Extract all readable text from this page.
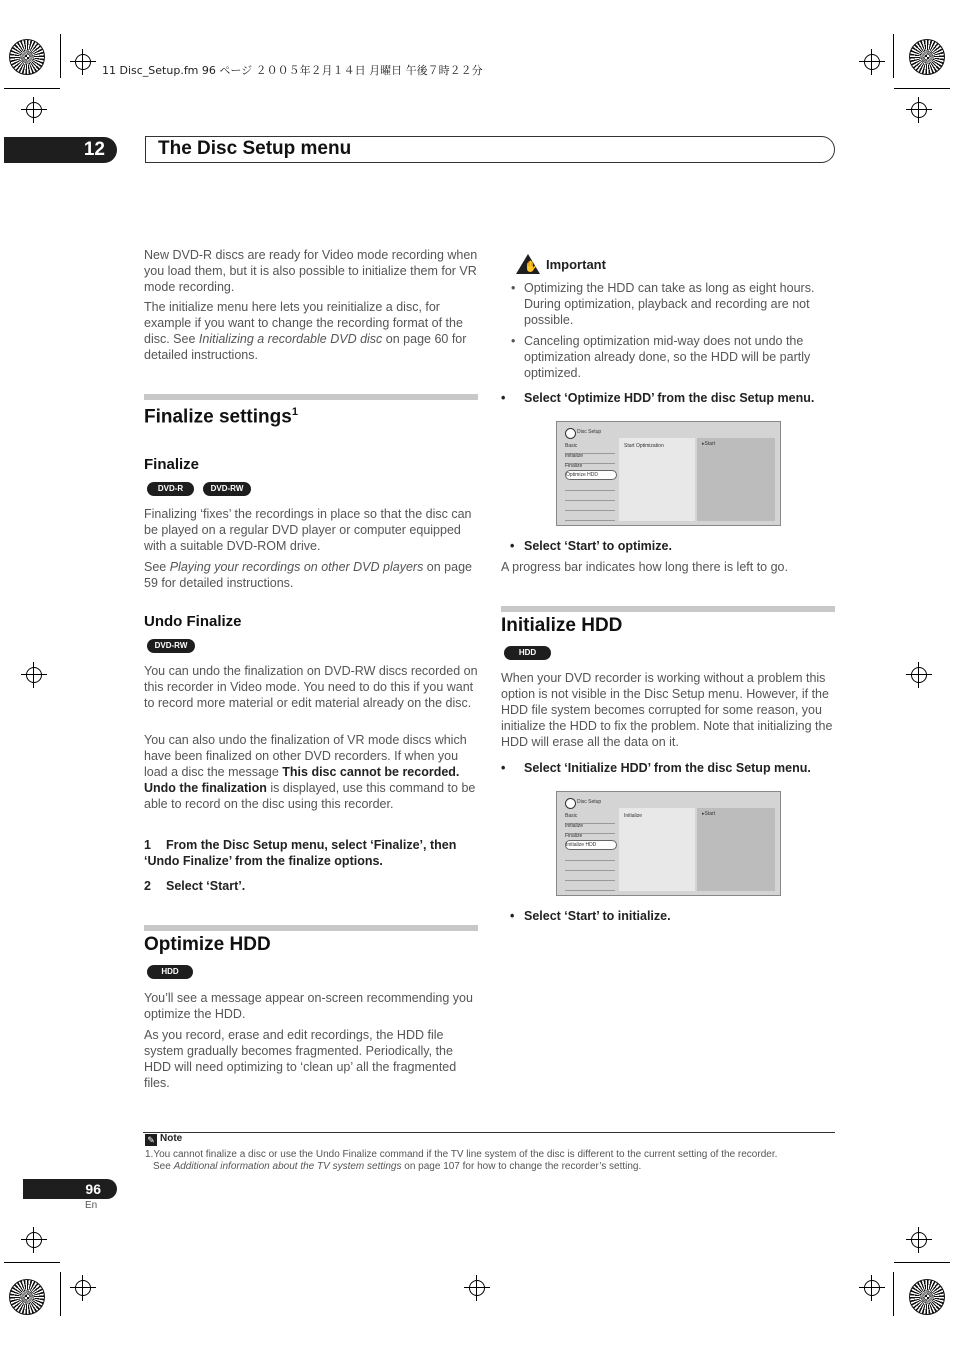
11 Disc_Setup.fm 96 ページ ２００５年２月１４日 月曜日 午後７時２２分
12	The Disc Setup menu

New DVD-R discs are ready for Video mode recording when you load them, but it is also possible to initialize them for VR mode recording.

The initialize menu here lets you reinitialize a disc, for example if you want to change the recording format of the disc. See Initializing a recordable DVD disc on page 60 for detailed instructions.

Finalize settings$^1$
Finalize
DVD-R	DVD-RW

Finalizing ‘fixes’ the recordings in place so that the disc can be played on a regular DVD player or computer equipped with a suitable DVD-ROM drive.

See Playing your recordings on other DVD players on page 59 for detailed instructions.

Undo Finalize
DVD-RW

You can undo the finalization on DVD-RW discs recorded on this recorder in Video mode. You need to do this if you want to record more material or edit material already on the disc.

You can also undo the finalization of VR mode discs which have been finalized on other DVD recorders. If when you load a disc the message This disc cannot be recorded. Undo the finalization is displayed, use this command to be able to record on the disc using this recorder.

1 From the Disc Setup menu, select ‘Finalize’, then ‘Undo Finalize’ from the finalize options.
2 Select ‘Start’.
Optimize HDD
HDD

You’ll see a message appear on-screen recommending you optimize the HDD.

As you record, erase and edit recordings, the HDD file system gradually becomes fragmented. Periodically, the HDD will need optimizing to ‘clean up’ all the fragmented files.

✋ Important
• Optimizing the HDD can take as long as eight hours. During optimization, playback and recording are not possible.
• Canceling optimization mid-way does not undo the optimization already done, so the HDD will be partly optimized.
• Select ‘Optimize HDD’ from the disc Setup menu.
Disc Setup
Basic
Initialize
Finalize
Optimize HDD
Start Optimization	▸Start
• Select ‘Start’ to optimize.

A progress bar indicates how long there is left to go.

Initialize HDD
HDD

When your DVD recorder is working without a problem this option is not visible in the Disc Setup menu. However, if the HDD file system becomes corrupted for some reason, you initialize the HDD to fix the problem. Note that initializing the HDD will erase all the data on it.

• Select ‘Initialize HDD’ from the disc Setup menu.
Disc Setup
Basic
Initialize
Finalize
Initialize HDD
Initialize	▸Start
• Select ‘Start’ to initialize.
✎ Note

1.You cannot finalize a disc or use the Undo Finalize command if the TV line system of the disc is different to the current setting of the recorder.

See Additional information about the TV system settings on page 107 for how to change the recorder’s setting.

96
En
